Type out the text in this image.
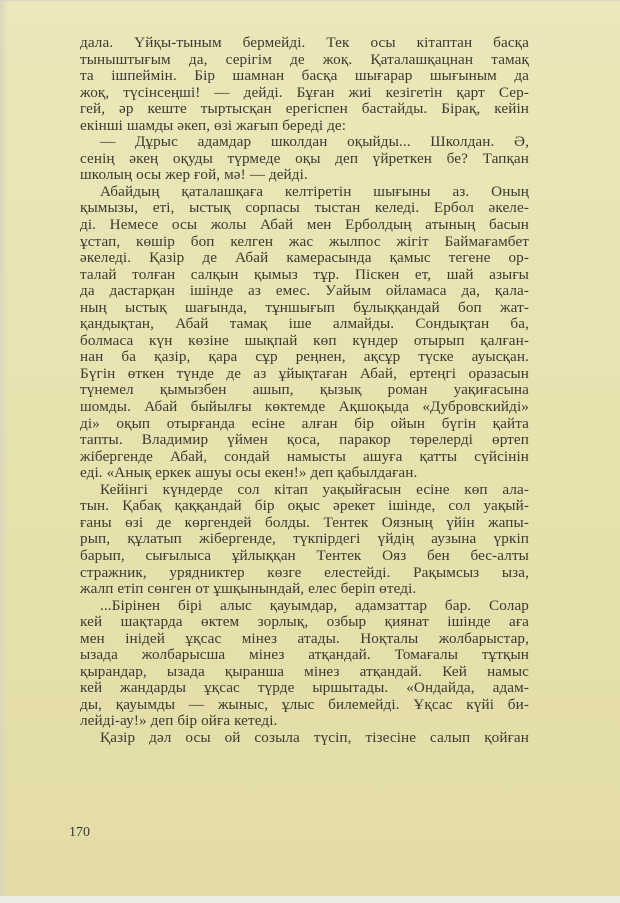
дала. Үйқы-тыным бермейді. Тек осы кітаптан басқа
тыныштығым да, серігім де жоқ. Қаталашқацнан тамақ
та ішпеймін. Бір шамнан басқа шығарар шығыным да
жоқ, түсінсеңші! — дейді. Бұған жиі кезігетін қарт Сер-
гей, әр кеште тыртысқан ерегіспен бастайды. Бірақ, кейін
екінші шамды әкеп, өзі жағып береді де:
— Дұрыс адамдар школдан оқыйды... Школдан. Ә,
сенің әкең оқуды түрмеде оқы деп үйреткен бе? Тапқан
школың осы жер ғой, мә! — дейді.
Абайдың қаталашқаға келтіретін шығыны аз. Оның
қымызы, еті, ыстық сорпасы тыстан келеді. Ербол әкеле-
ді. Немесе осы жолы Абай мен Ерболдың атының басын
ұстап, көшір боп келген жас жылпос жігіт Баймағамбет
әкеледі. Қазір де Абай камерасында қамыс тегене ор-
талай толған салқын қымыз тұр. Піскен ет, шай азығы
да дастарқан ішінде аз емес. Уайым ойламаса да, қала-
ның ыстық шағында, тұншығып бұлыққандай боп жат-
қандықтан, Абай тамақ іше алмайды. Сондықтан ба,
болмаса күн көзіне шықпай көп күндер отырып қалған-
нан ба қазір, қара сұр реңнен, ақсұр түске ауысқан.
Бүгін өткен түнде де аз ұйықтаған Абай, ертеңгі оразасын
түнемел қымызбен ашып, қызық роман уақиғасына
шомды. Абай быйылғы көктемде Ақшоқыда «Дубровскийді»
ді» оқып отырғанда есіне алған бір ойын бүгін қайта
тапты. Владимир үймен қоса, паракор төрелерді өртеп
жібергенде Абай, сондай намысты ашуға қатты сүйсінін
еді. «Анық еркек ашуы осы екен!» деп қабылдаған.
Кейінгі күндерде сол кітап уақыйғасын есіне көп ала-
тын. Қабақ қаққандай бір оқыс әрекет ішінде, сол уақый-
ғаны өзі де көргендей болды. Тентек Оязның үйін жапы-
рып, құлатып жібергенде, түкпірдегі үйдің аузына үркіп
барып, сығылыса ұйлыққан Тентек Ояз бен бес-алты
стражник, урядниктер көзге елестейді. Рақымсыз ыза,
жалп етіп сөнген от ұшқынындай, елес беріп өтеді.
...Бірінен бірі алыс қауымдар, адамзаттар бар. Солар
кей шақтарда өктем зорлық, озбыр қиянат ішінде аға
мен інідей ұқсас мінез атады. Ноқталы жолбарыстар,
ызада жолбарысша мінез атқандай. Томағалы тұтқын
қырандар, ызада қыранша мінез атқандай. Кей намыс
кей жандарды ұқсас түрде ыршытады. «Ондайда, адам-
ды, қауымды — жыныс, ұлыс билемейді. Ұқсас күйі би-
лейді-ау!» деп бір ойға кетеді.
Қазір дәл осы ой созыла түсіп, тізесіне салып қойған
170
